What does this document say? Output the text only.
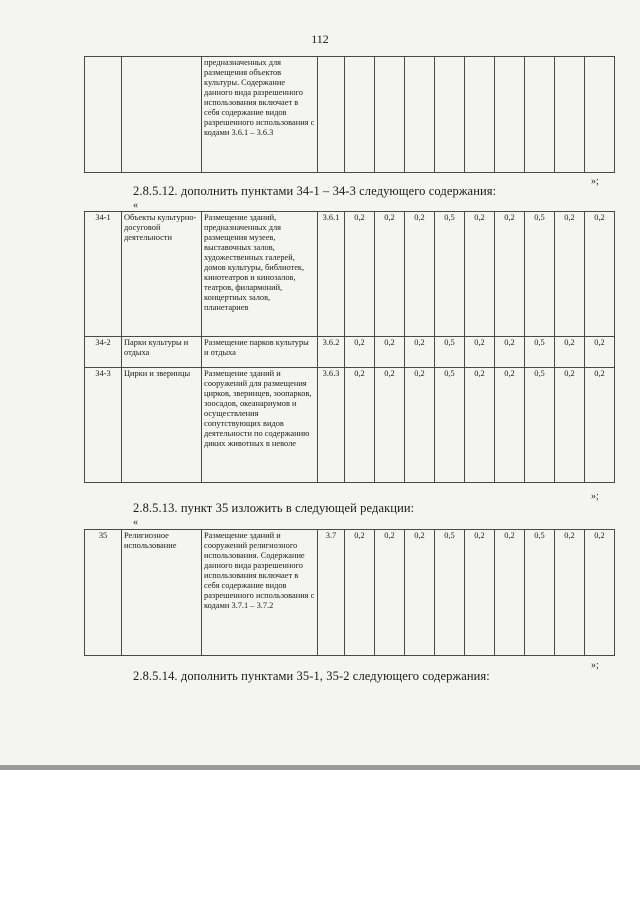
112
		предназначенных для размещения объектов культуры. Содержание данного вида разрешенного использования включает в себя содержание видов разрешенного использования с кодами 3.6.1 – 3.6.3										
»;
2.8.5.12. дополнить пунктами 34-1 – 34-3 следующего содержания:
«
34-1	Объекты культурно-досуговой деятельности	Размещение зданий, предназначенных для размещения музеев, выставочных залов, художественных галерей, домов культуры, библиотек, кинотеатров и кинозалов, театров, филармоний, концертных залов, планетариев	3.6.1	0,2	0,2	0,2	0,5	0,2	0,2	0,5	0,2	0,2
34-2	Парки культуры и отдыха	Размещение парков культуры и отдыха	3.6.2	0,2	0,2	0,2	0,5	0,2	0,2	0,5	0,2	0,2
34-3	Цирки и зверинцы	Размещение зданий и сооружений для размещения цирков, зверинцев, зоопарков, зоосадов, океанариумов и осуществления сопутствующих видов деятельности по содержанию диких животных в неволе	3.6.3	0,2	0,2	0,2	0,5	0,2	0,2	0,5	0,2	0,2
»;
2.8.5.13. пункт 35 изложить в следующей редакции:
«
35	Религиозное использование	Размещение зданий и сооружений религиозного использования. Содержание данного вида разрешенного использования включает в себя содержание видов разрешенного использования с кодами 3.7.1 – 3.7.2	3.7	0,2	0,2	0,2	0,5	0,2	0,2	0,5	0,2	0,2
»;
2.8.5.14. дополнить пунктами 35-1, 35-2 следующего содержания:
